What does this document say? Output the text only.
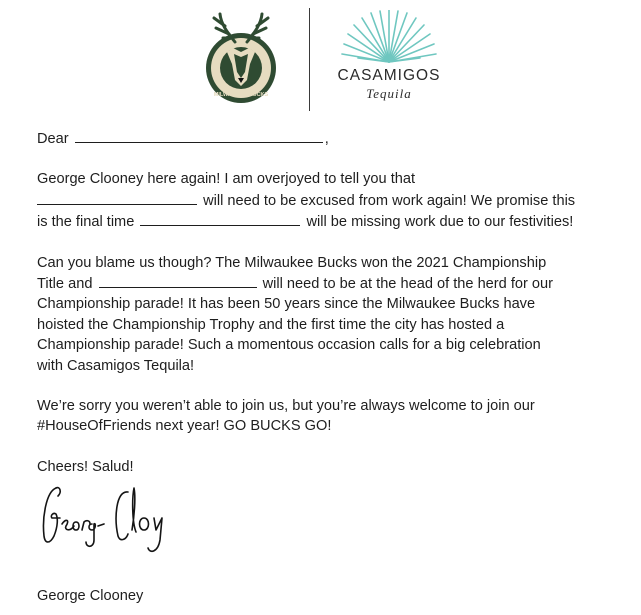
MILWAUKEE BUCKS
CASAMIGOS
Tequila

Dear	,

George Clooney here again! I am overjoyed to tell you that
will need to be excused from work again! We promise this
is the final time	will be missing work due to our festivities!

Can you blame us though? The Milwaukee Bucks won the 2021 Championship
Title and	will need to be at the head of the herd for our
Championship parade! It has been 50 years since the Milwaukee Bucks have
hoisted the Championship Trophy and the first time the city has hosted a
Championship parade! Such a momentous occasion calls for a big celebration
with Casamigos Tequila!

We’re sorry you weren’t able to join us, but you’re always welcome to join our
#HouseOfFriends next year! GO BUCKS GO!

Cheers! Salud!

George Clooney
